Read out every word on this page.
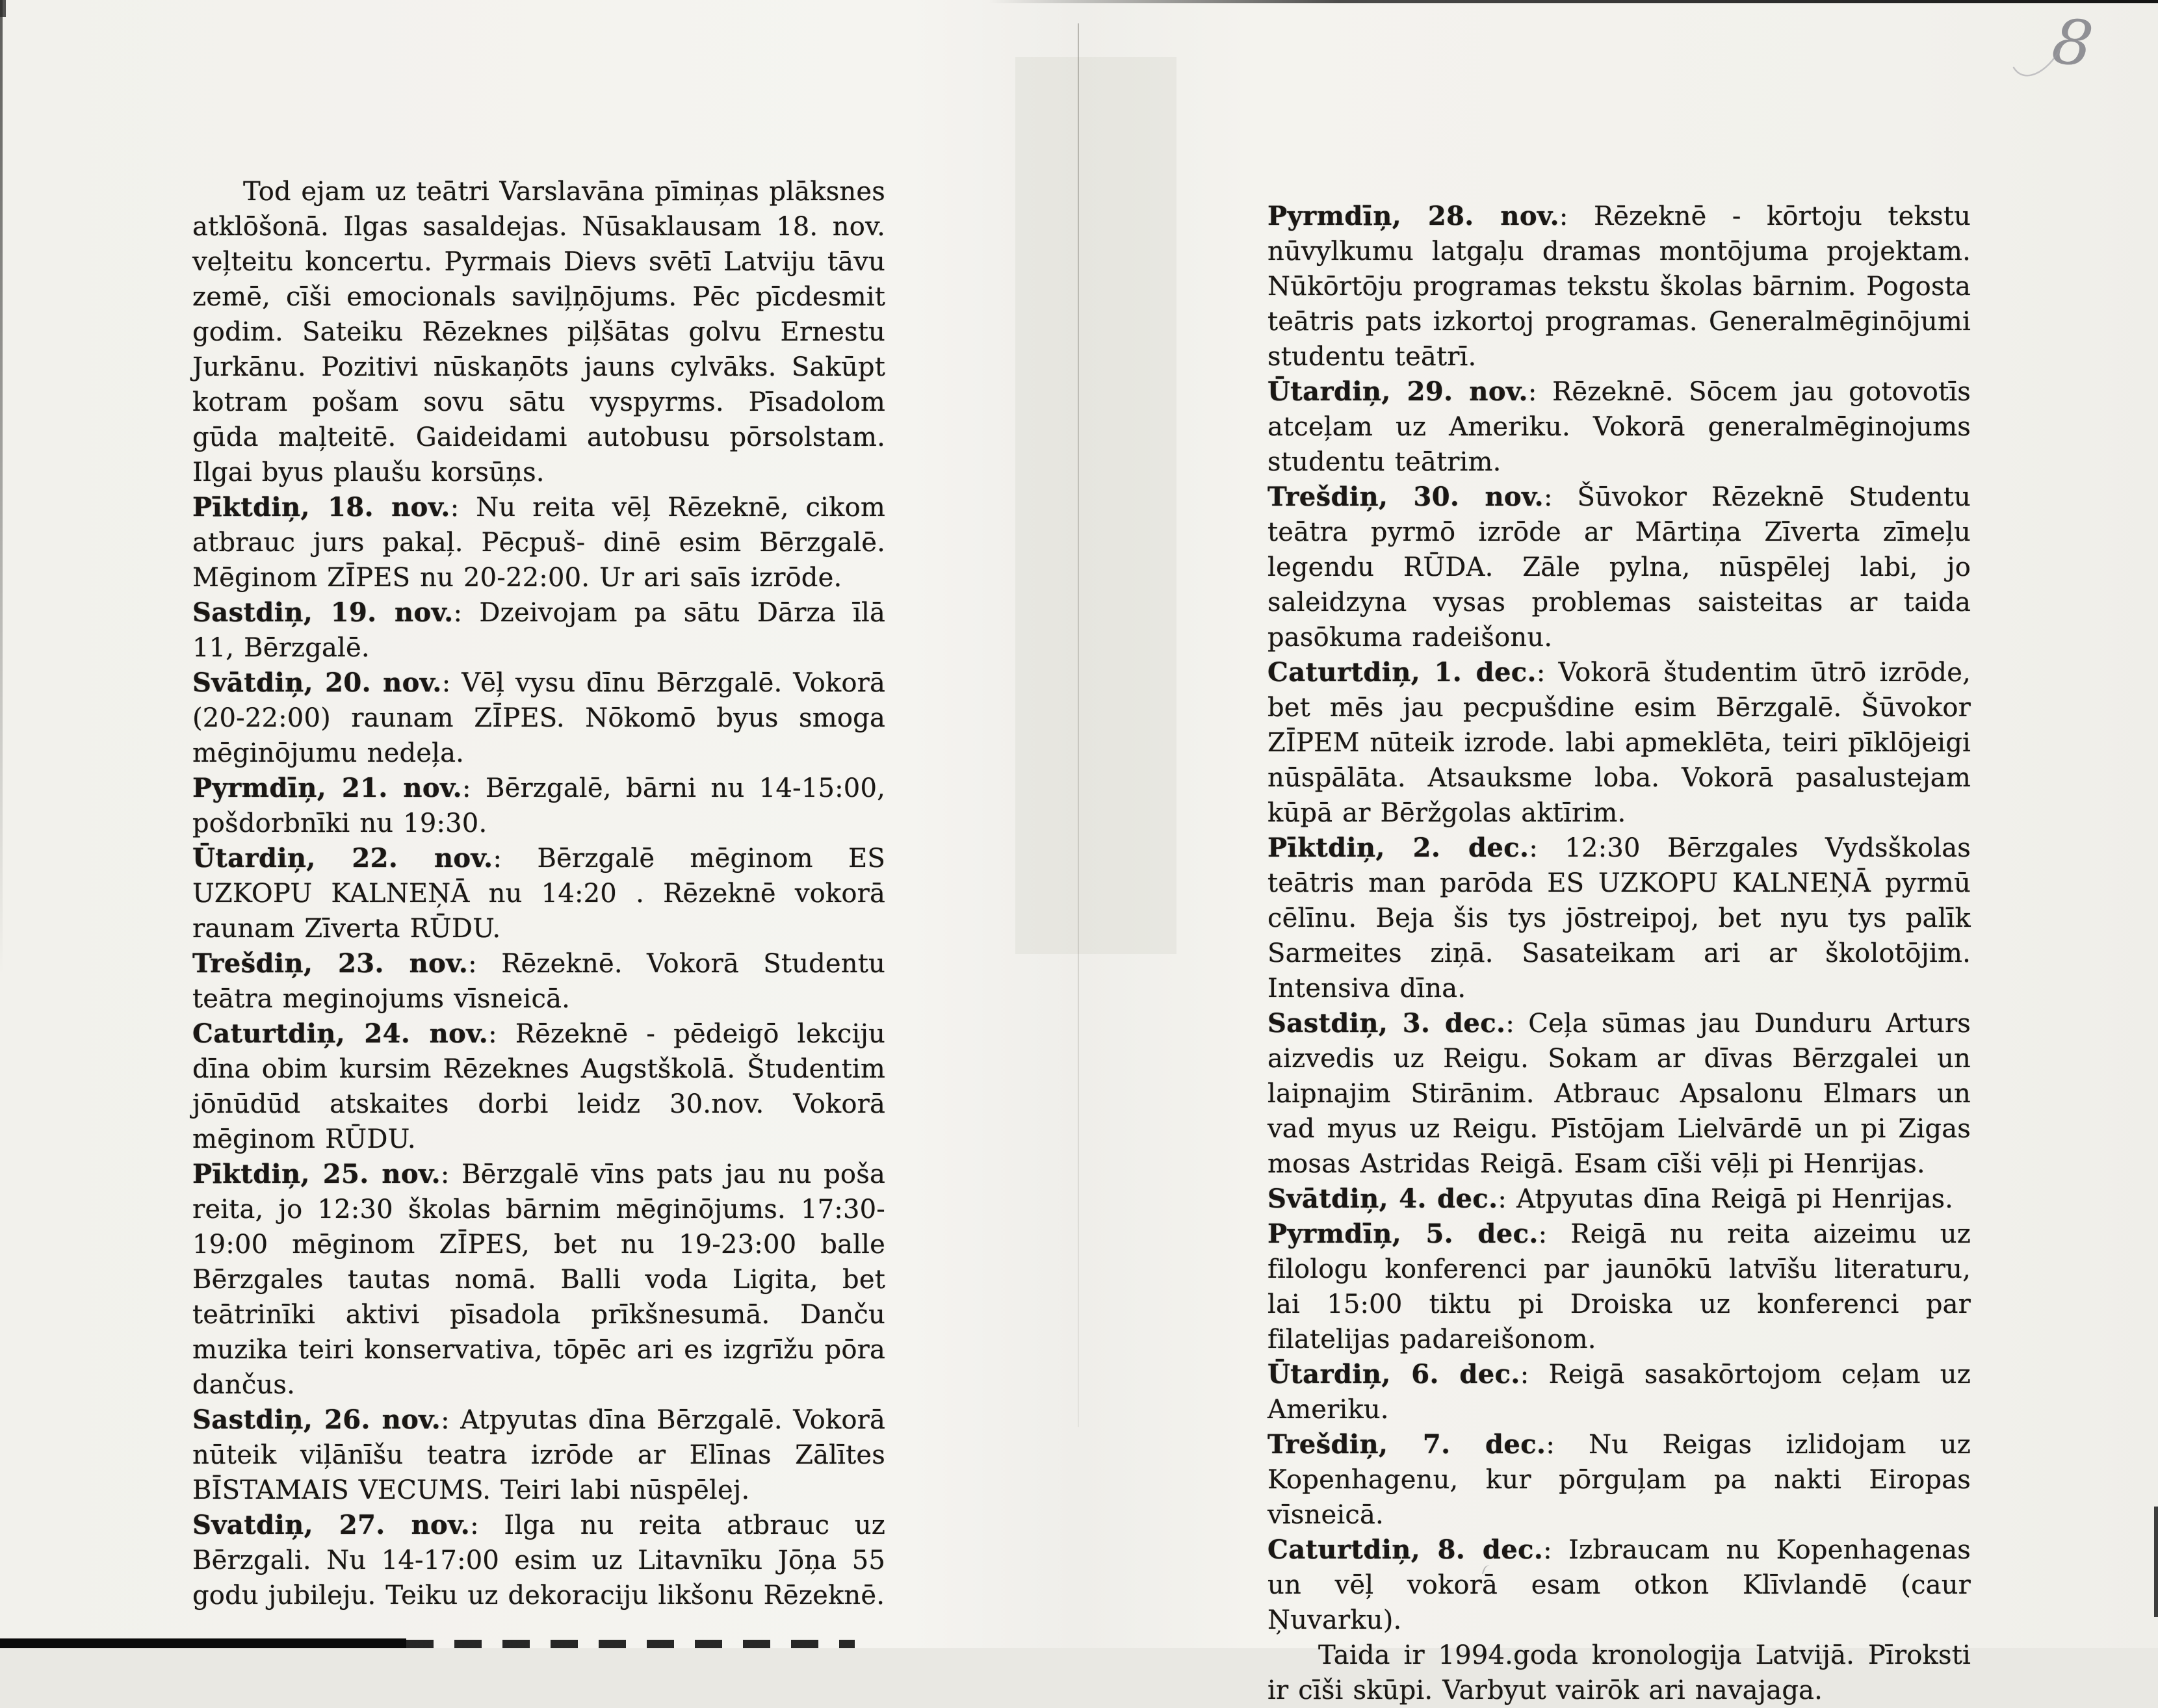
Tod ejam uz teātri Varslavāna pīmiņas plāksnes atklōšonā. Ilgas sasaldejas. Nūsaklausam 18. nov. veļteitu koncertu. Pyrmais Dievs svētī Latviju tāvu zemē, cīši emocionals saviļņōjums. Pēc pīcdesmit godim. Sateiku Rēzeknes piļšātas golvu Ernestu Jurkānu. Pozitivi nūskaņōts jauns cylvāks. Sakūpt kotram pošam sovu sātu vyspyrms. Pīsadolom gūda maļteitē. Gaideidami autobusu pōrsolstam. Ilgai byus plaušu korsūņs.

Pīktdiņ, 18. nov.: Nu reita vēļ Rēzeknē, cikom atbrauc jurs pakaļ. Pēcpuš- dinē esim Bērzgalē. Mēginom ZĪPES nu 20-22:00. Ur ari saīs izrōde.

Sastdiņ, 19. nov.: Dzeivojam pa sātu Dārza īlā 11, Bērzgalē.

Svātdiņ, 20. nov.: Vēļ vysu dīnu Bērzgalē. Vokorā (20-22:00) raunam ZĪPES. Nōkomō byus smoga mēginōjumu nedeļa.

Pyrmdīņ, 21. nov.: Bērzgalē, bārni nu 14-15:00, pošdorbnīki nu 19:30.

Ūtardiņ, 22. nov.: Bērzgalē mēginom ES UZKOPU KALNEŅĀ nu 14:20 . Rēzeknē vokorā raunam Zīverta RŪDU.

Trešdiņ, 23. nov.: Rēzeknē. Vokorā Studentu teātra meginojums vīsneicā.

Caturtdiņ, 24. nov.: Rēzeknē - pēdeigō lekciju dīna obim kursim Rēzeknes Augstškolā. Študentim jōnūdūd atskaites dorbi leidz 30.nov. Vokorā mēginom RŪDU.

Pīktdiņ, 25. nov.: Bērzgalē vīns pats jau nu poša reita, jo 12:30 školas bārnim mēginōjums. 17:30-19:00 mēginom ZĪPES, bet nu 19-23:00 balle Bērzgales tautas nomā. Balli voda Ligita, bet teātrinīki aktivi pīsadola prīkšnesumā. Danču muzika teiri konservativa, tōpēc ari es izgrīžu pōra dančus.

Sastdiņ, 26. nov.: Atpyutas dīna Bērzgalē. Vokorā nūteik viļānīšu teatra izrōde ar Elīnas Zālītes BĪSTAMAIS VECUMS. Teiri labi nūspēlej.

Svatdiņ, 27. nov.: Ilga nu reita atbrauc uz Bērzgali. Nu 14-17:00 esim uz Litavnīku Jōņa 55 godu jubileju. Teiku uz dekoraciju likšonu Rēzeknē.

Pyrmdīņ, 28. nov.: Rēzeknē - kōrtoju tekstu nūvylkumu latgaļu dramas montōjuma projektam. Nūkōrtōju programas tekstu školas bārnim. Pogosta teātris pats izkortoj programas. Generalmēginōjumi studentu teātrī.

Ūtardiņ, 29. nov.: Rēzeknē. Sōcem jau gotovotīs atceļam uz Ameriku. Vokorā generalmēginojums studentu teātrim.

Trešdiņ, 30. nov.: Šūvokor Rēzeknē Studentu teātra pyrmō izrōde ar Mārtiņa Zīverta zīmeļu legendu RŪDA. Zāle pylna, nūspēlej labi, jo saleidzyna vysas problemas saisteitas ar taida pasōkuma radeišonu.

Caturtdiņ, 1. dec.: Vokorā študentim ūtrō izrōde, bet mēs jau pecpušdine esim Bērzgalē. Šūvokor ZĪPEM nūteik izrode. labi apmeklēta, teiri pīklōjeigi nūspālāta. Atsauksme loba. Vokorā pasalustejam kūpā ar Bēržgolas aktīrim.

Pīktdiņ, 2. dec.: 12:30 Bērzgales Vydsškolas teātris man parōda ES UZKOPU KALNEŅĀ pyrmū cēlīnu. Beja šis tys jōstreipoj, bet nyu tys palīk Sarmeites ziņā. Sasateikam ari ar školotōjim. Intensiva dīna.

Sastdiņ, 3. dec.: Ceļa sūmas jau Dunduru Arturs aizvedis uz Reigu. Sokam ar dīvas Bērzgalei un laipnajim Stirānim. Atbrauc Apsalonu Elmars un vad myus uz Reigu. Pīstōjam Lielvārdē un pi Zigas mosas Astridas Reigā. Esam cīši vēļi pi Henrijas.

Svātdiņ, 4. dec.: Atpyutas dīna Reigā pi Henrijas.

Pyrmdīņ, 5. dec.: Reigā nu reita aizeimu uz filologu konferenci par jaunōkū latvīšu literaturu, lai 15:00 tiktu pi Droiska uz konferenci par filatelijas padareišonom.

Ūtardiņ, 6. dec.: Reigā sasakōrtojom ceļam uz Ameriku.

Trešdiņ, 7. dec.: Nu Reigas izlidojam uz Kopenhagenu, kur pōrguļam pa nakti Eiropas vīsneicā.

Caturtdiņ, 8. dec.: Izbraucam nu Kopenhagenas un vēļ vokorā esam otkon Klīvlandē (caur Ņuvarku).

Taida ir 1994.goda kronologija Latvijā. Pīroksti ir cīši skūpi. Varbyut vairōk ari navajaga.

8
